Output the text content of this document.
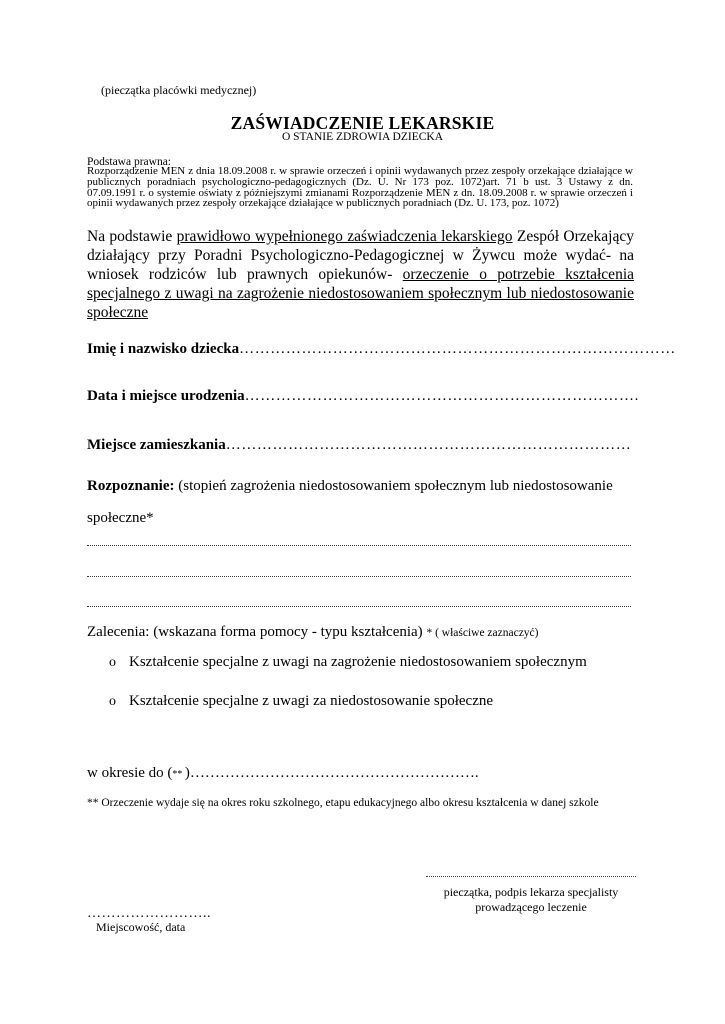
(pieczątka placówki medycznej)
ZAŚWIADCZENIE LEKARSKIE
O STANIE ZDROWIA DZIECKA
Podstawa prawna:
Rozporządzenie MEN z dnia 18.09.2008 r. w sprawie orzeczeń i opinii wydawanych przez zespoły orzekające działające w publicznych poradniach psychologiczno-pedagogicznych (Dz. U. Nr 173 poz. 1072)art. 71 b ust. 3 Ustawy z dn. 07.09.1991 r. o systemie oświaty z późniejszymi zmianami Rozporządzenie MEN z dn. 18.09.2008 r. w sprawie orzeczeń i opinii wydawanych przez zespoły orzekające działające w publicznych poradniach (Dz. U. 173, poz. 1072)
Na podstawie prawidłowo wypełnionego zaświadczenia lekarskiego Zespół Orzekający działający przy Poradni Psychologiczno-Pedagogicznej w Żywcu może wydać- na wniosek rodziców lub prawnych opiekunów- orzeczenie o potrzebie kształcenia specjalnego z uwagi na zagrożenie niedostosowaniem społecznym lub niedostosowanie społeczne
Imię i nazwisko dziecka…………………………………………………………………………
Data i miejsce urodzenia………………………………………………………………….
Miejsce zamieszkania……………………………………………………………………
Rozpoznanie: (stopień zagrożenia niedostosowaniem społecznym lub niedostosowanie społeczne*
Zalecenia: (wskazana forma pomocy - typu kształcenia) * ( właściwe zaznaczyć)
o Kształcenie specjalne z uwagi na zagrożenie niedostosowaniem społecznym
o Kształcenie specjalne z uwagi za niedostosowanie społeczne
w okresie do (** )………………………………………………….
** Orzeczenie wydaje się na okres roku szkolnego, etapu edukacyjnego albo okresu kształcenia w danej szkole
pieczątka, podpis lekarza specjalisty
prowadzącego leczenie
……………………..
Miejscowość, data
